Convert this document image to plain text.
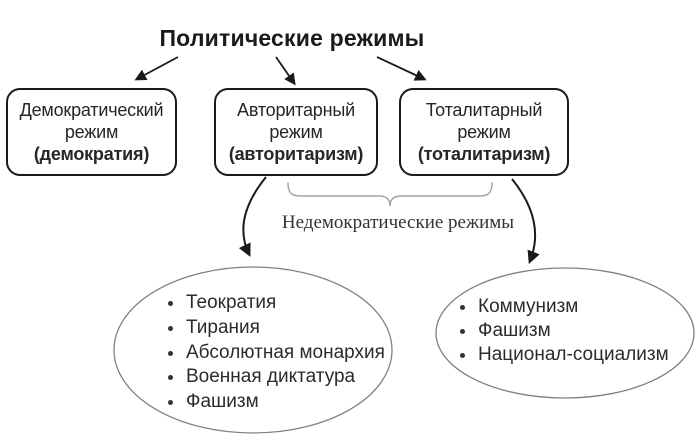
Политические режимы
Демократический
режим
(демократия)
Авторитарный
режим
(авторитаризм)
Тоталитарный
режим
(тоталитаризм)
Недемократические режимы
Теократия
Тирания
Абсолютная монархия
Военная диктатура
Фашизм
Коммунизм
Фашизм
Национал-социализм
